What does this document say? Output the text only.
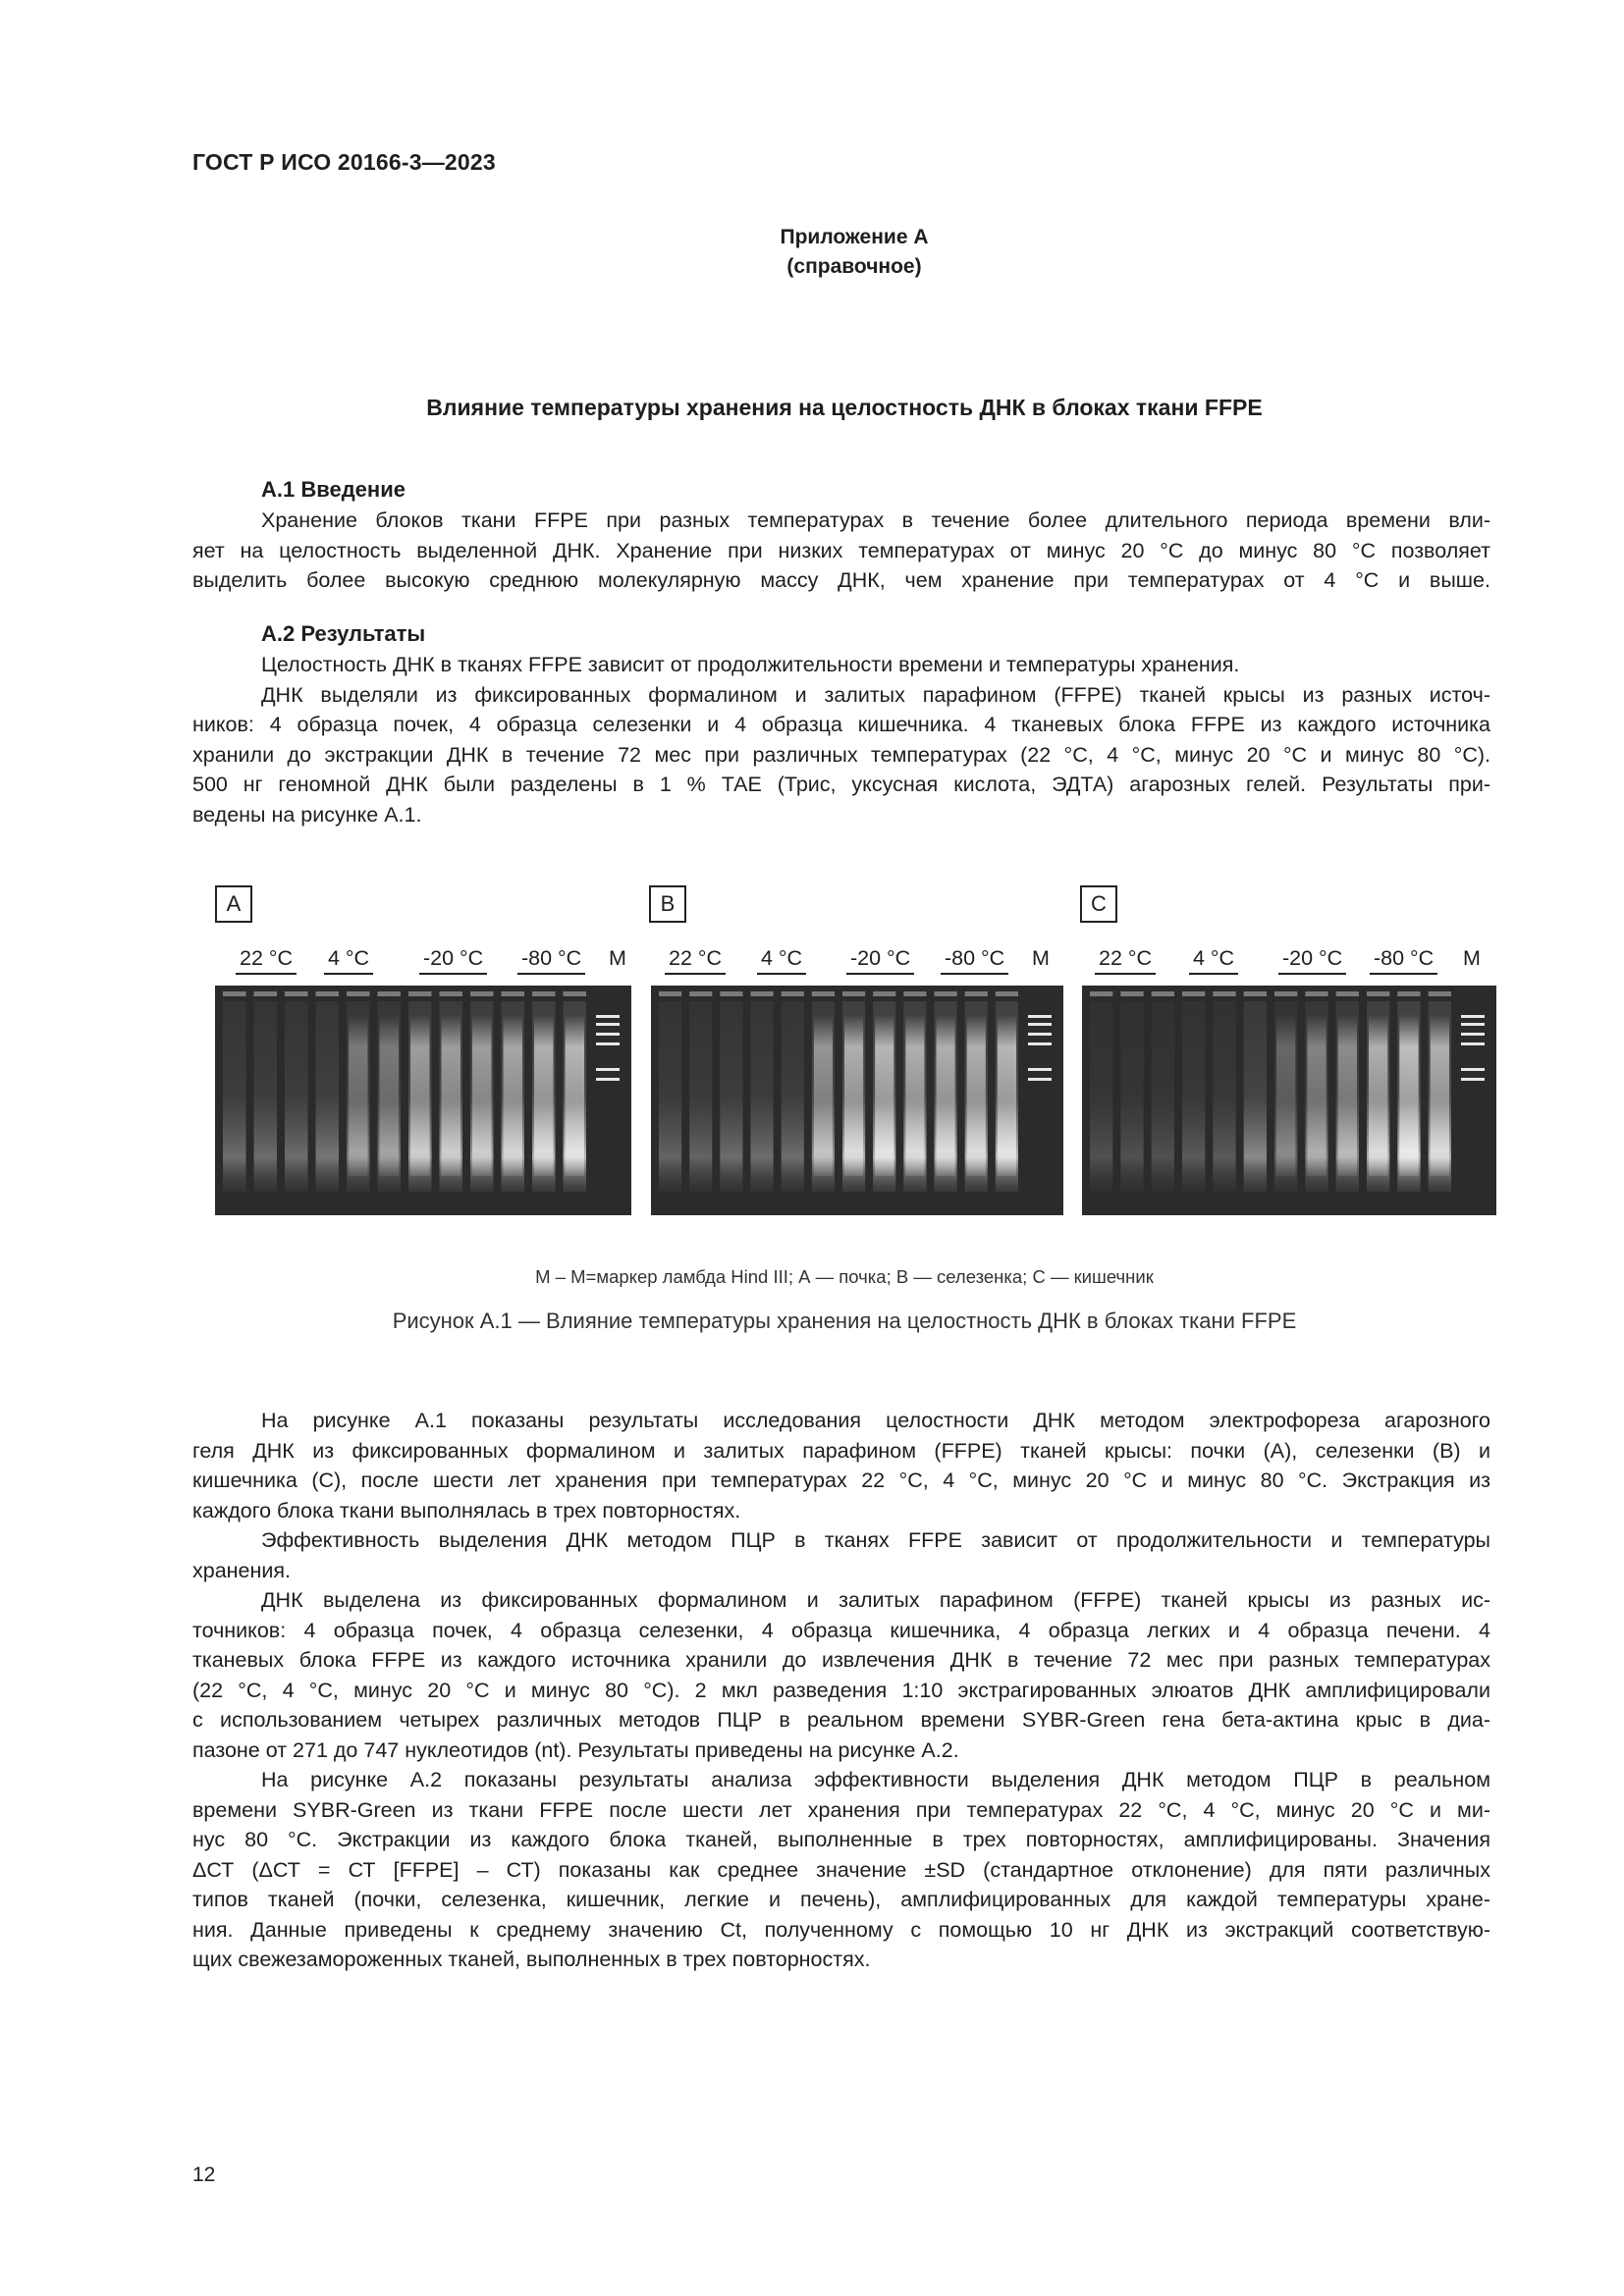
ГОСТ Р ИСО 20166-3—2023
Приложение А
(справочное)
Влияние температуры хранения на целостность ДНК в блоках ткани FFPE
А.1 Введение
Хранение блоков ткани FFPE при разных температурах в течение более длительного периода времени вли-
яет на целостность выделенной ДНК. Хранение при низких температурах от минус 20 °С до минус 80 °С позволяет
выделить более высокую среднюю молекулярную массу ДНК, чем хранение при температурах от 4 °С и выше.
А.2 Результаты
Целостность ДНК в тканях FFPE зависит от продолжительности времени и температуры хранения.
ДНК выделяли из фиксированных формалином и залитых парафином (FFPE) тканей крысы из разных источ-
ников: 4 образца почек, 4 образца селезенки и 4 образца кишечника. 4 тканевых блока FFPE из каждого источника
хранили до экстракции ДНК в течение 72 мес при различных температурах (22 °С, 4 °С, минус 20 °С и минус 80 °С).
500 нг геномной ДНК были разделены в 1 % ТАЕ (Трис, уксусная кислота, ЭДТА) агарозных гелей. Результаты при-
ведены на рисунке А.1.
A
22 °С 4 °С	-20 °С -80 °С M
B
22 °С 4 °С -20 °С -80 °С M
C
22 °С 4 °С -20 °С -80 °С M
M – M=маркер ламбда Hind III; А — почка; В — селезенка; С — кишечник
Рисунок А.1 — Влияние температуры хранения на целостность ДНК в блоках ткани FFPE
На рисунке А.1 показаны результаты исследования целостности ДНК методом электрофореза агарозного
геля ДНК из фиксированных формалином и залитых парафином (FFPE) тканей крысы: почки (А), селезенки (В) и
кишечника (С), после шести лет хранения при температурах 22 °С, 4 °С, минус 20 °С и минус 80 °С. Экстракция из
каждого блока ткани выполнялась в трех повторностях.
Эффективность выделения ДНК методом ПЦР в тканях FFPE зависит от продолжительности и температуры
хранения.
ДНК выделена из фиксированных формалином и залитых парафином (FFPE) тканей крысы из разных ис-
точников: 4 образца почек, 4 образца селезенки, 4 образца кишечника, 4 образца легких и 4 образца печени. 4
тканевых блока FFPE из каждого источника хранили до извлечения ДНК в течение 72 мес при разных температурах
(22 °С, 4 °С, минус 20 °С и минус 80 °С). 2 мкл разведения 1:10 экстрагированных элюатов ДНК амплифицировали
с использованием четырех различных методов ПЦР в реальном времени SYBR-Green гена бета-актина крыс в диа-
пазоне от 271 до 747 нуклеотидов (nt). Результаты приведены на рисунке А.2.
На рисунке А.2 показаны результаты анализа эффективности выделения ДНК методом ПЦР в реальном
времени SYBR-Green из ткани FFPE после шести лет хранения при температурах 22 °С, 4 °С, минус 20 °С и ми-
нус 80 °С. Экстракции из каждого блока тканей, выполненные в трех повторностях, амплифицированы. Значения
ΔСТ (ΔСТ = СТ [FFPE] – СТ) показаны как среднее значение ±SD (стандартное отклонение) для пяти различных
типов тканей (почки, селезенка, кишечник, легкие и печень), амплифицированных для каждой температуры хране-
ния. Данные приведены к среднему значению Ct, полученному с помощью 10 нг ДНК из экстракций соответствую-
щих свежезамороженных тканей, выполненных в трех повторностях.
12
